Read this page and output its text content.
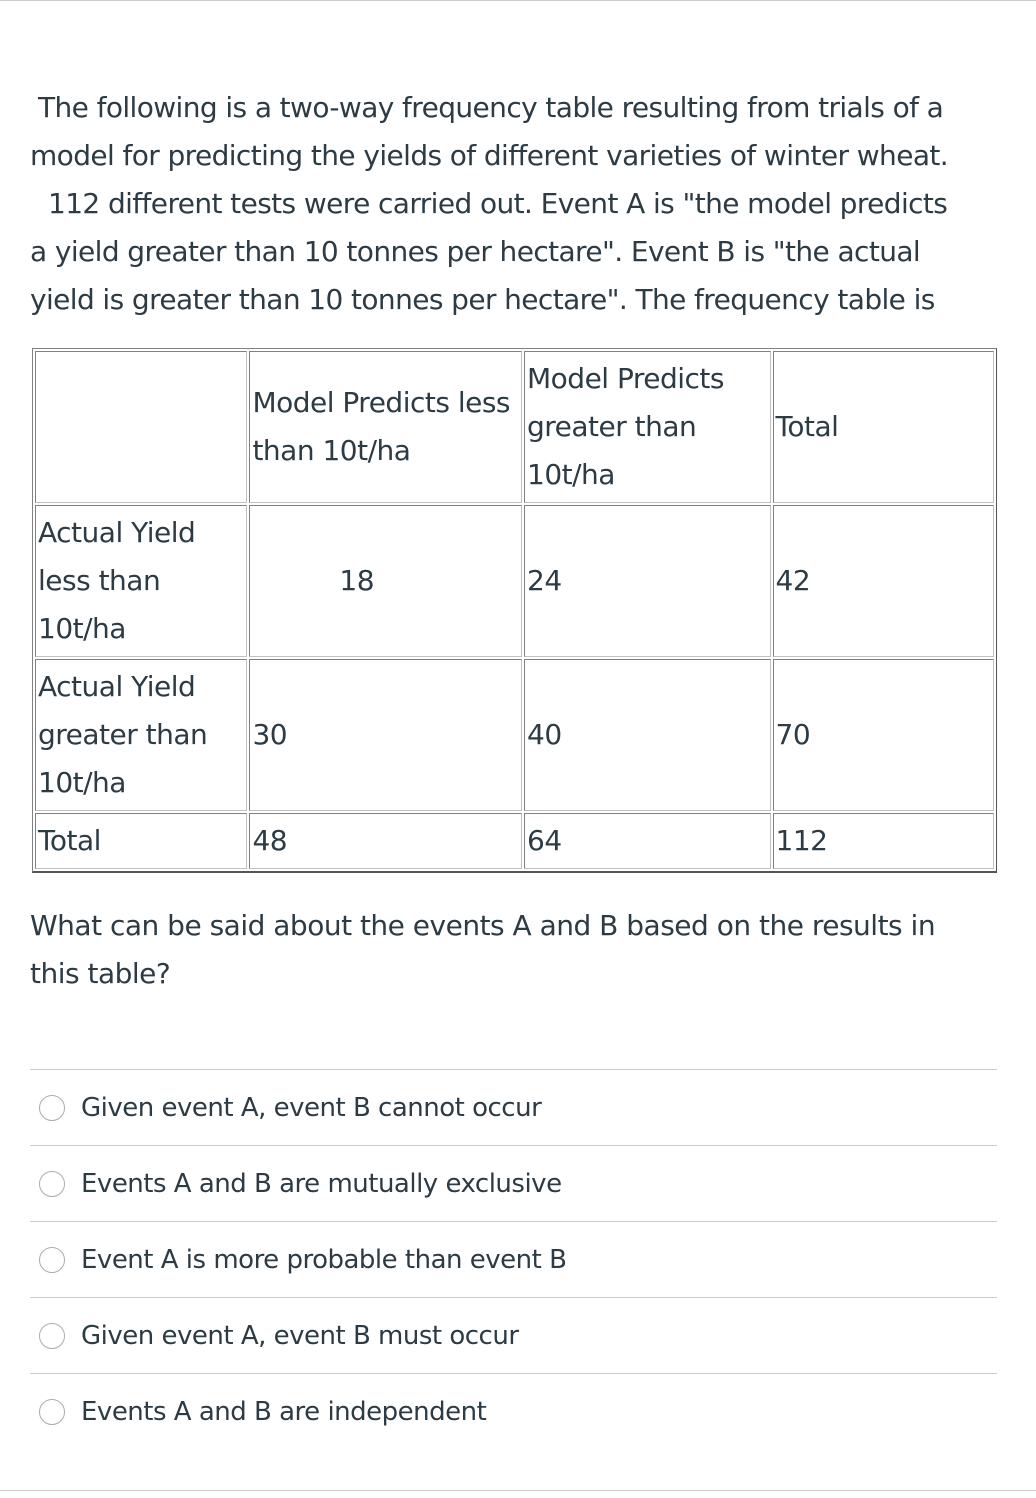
The following is a two-way frequency table resulting from trials of a

model for predicting the yields of different varieties of winter wheat.

112 different tests were carried out. Event A is "the model predicts

a yield greater than 10 tonnes per hectare". Event B is "the actual

yield is greater than 10 tonnes per hectare". The frequency table is

	Model Predicts less than 10t/ha	Model Predicts greater than 10t/ha	Total
Actual Yield less than 10t/ha	18	24	42
Actual Yield greater than 10t/ha	30	40	70
Total	48	64	112
What can be said about the events A and B based on the results in this table?
Given event A, event B cannot occur
Events A and B are mutually exclusive
Event A is more probable than event B
Given event A, event B must occur
Events A and B are independent
